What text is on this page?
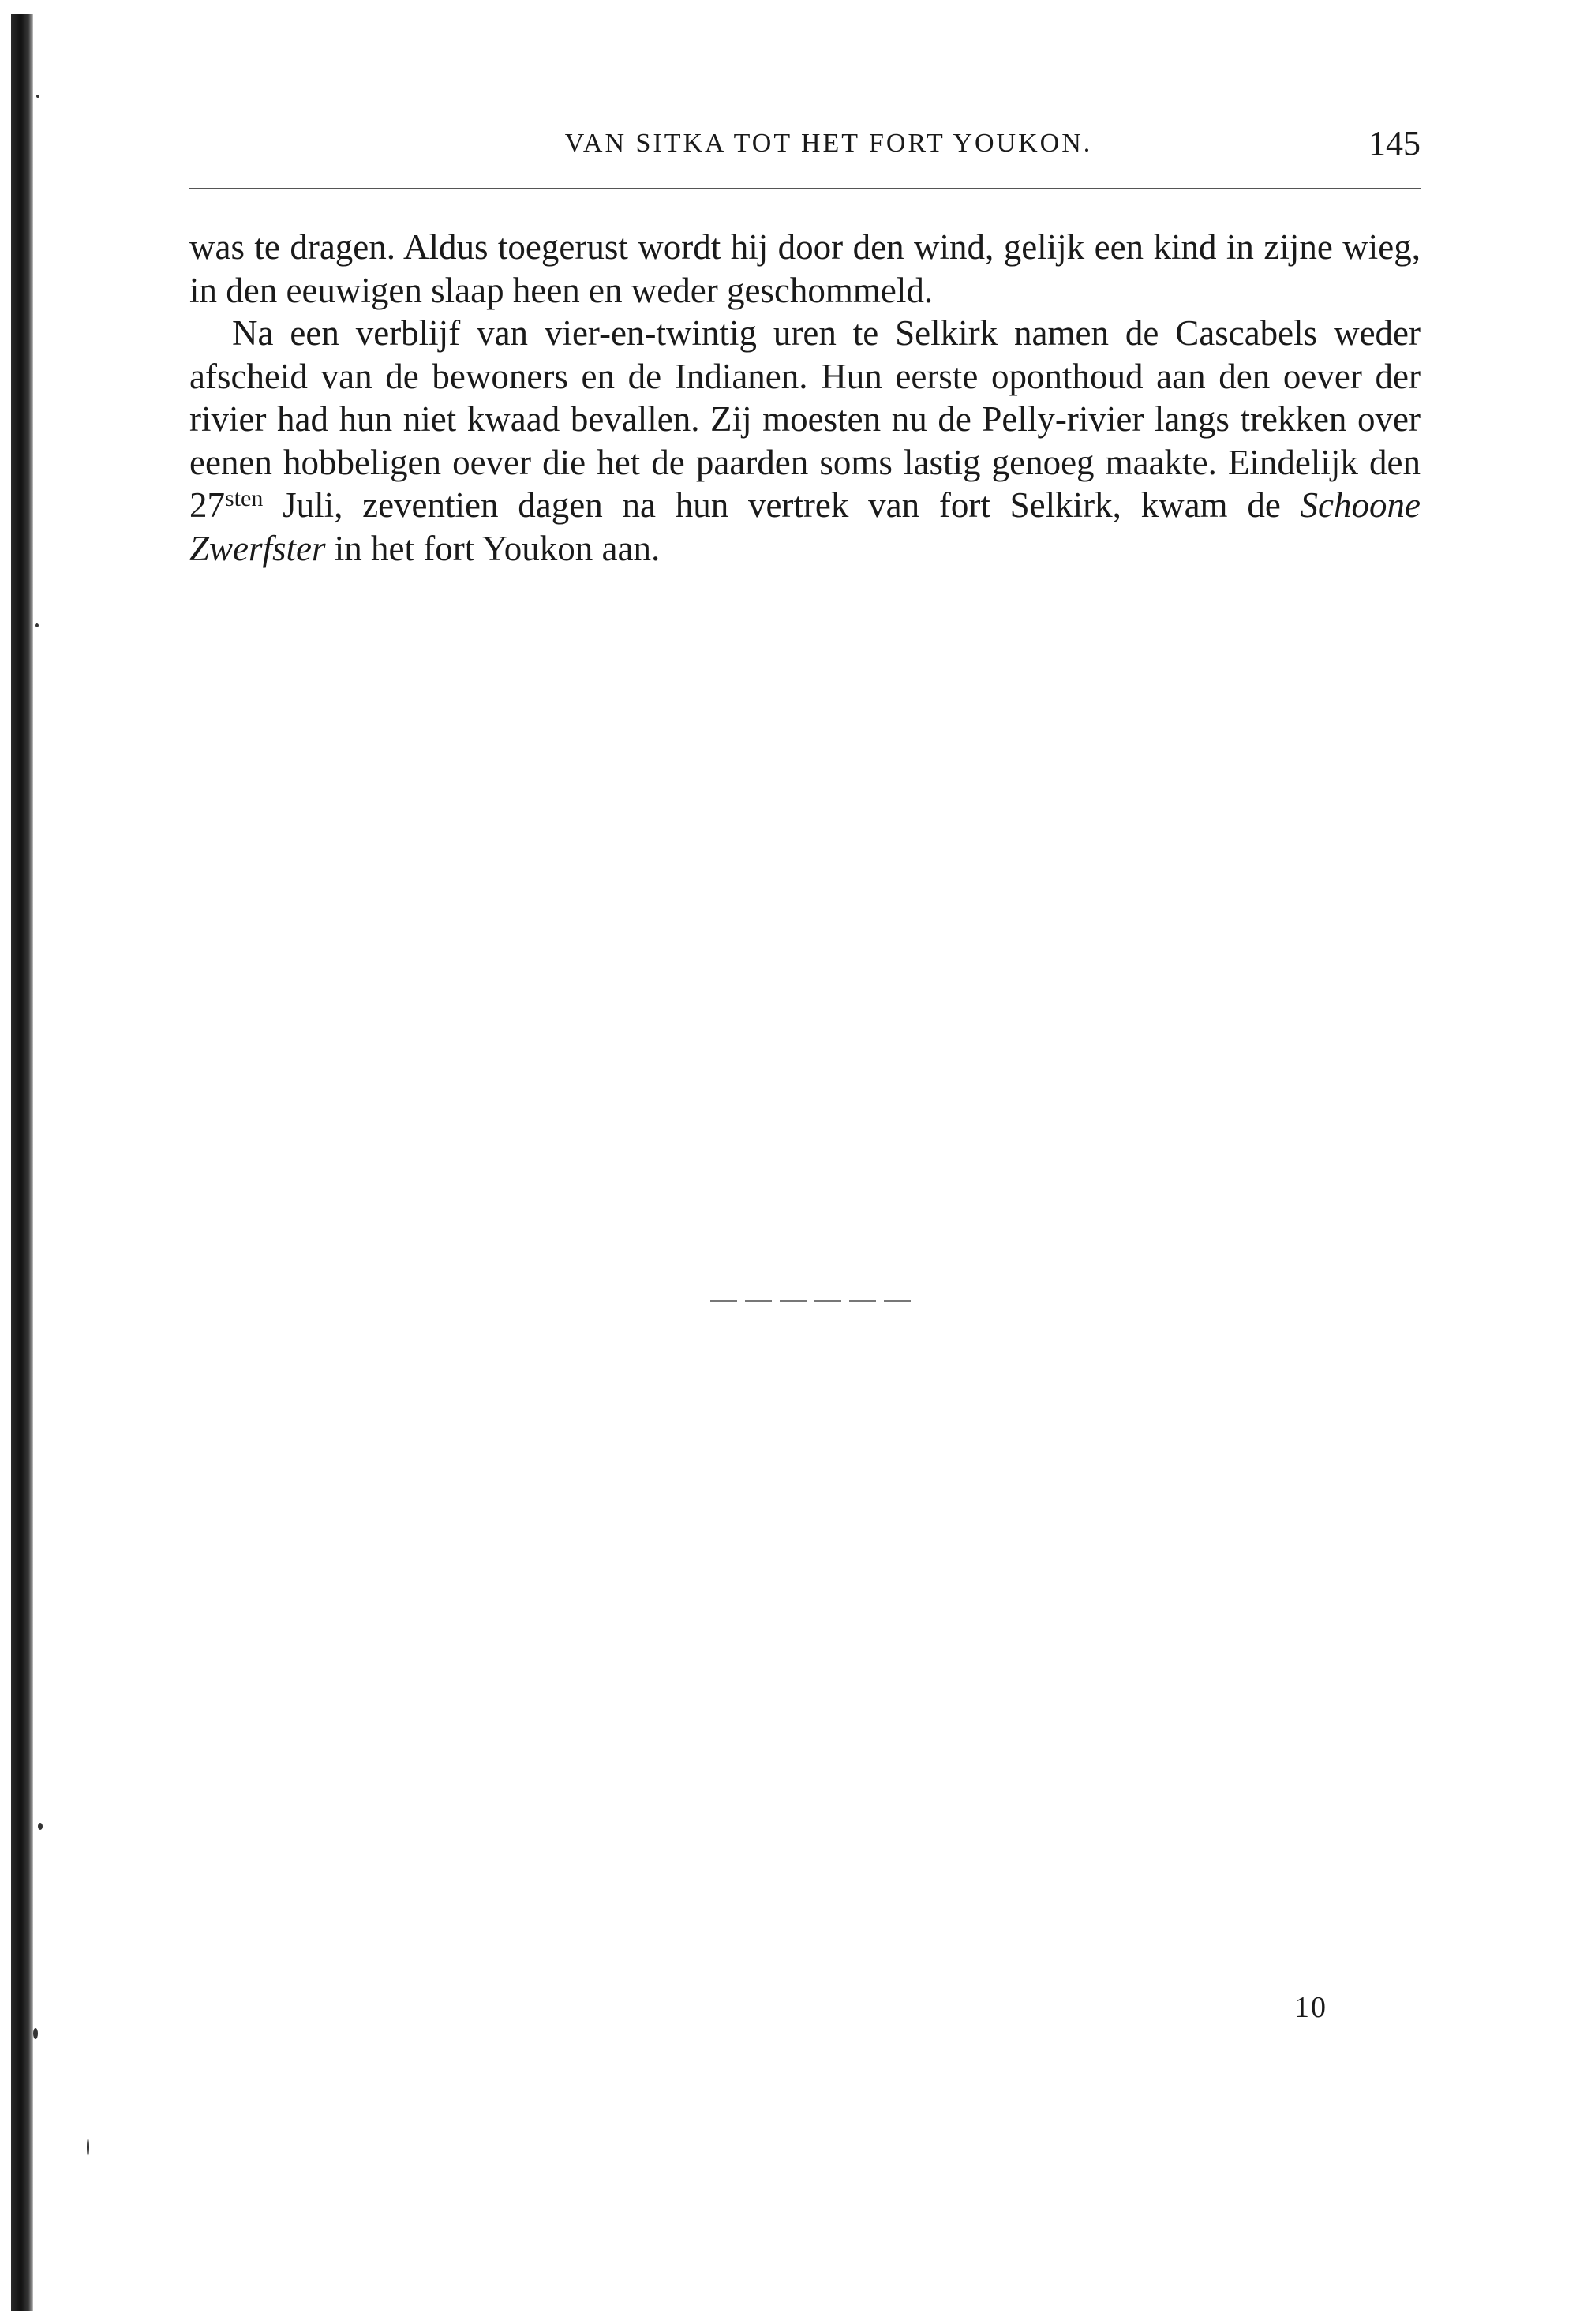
VAN SITKA TOT HET FORT YOUKON.	145

was te dragen. Aldus toegerust wordt hij door den wind, gelijk een kind in zijne wieg, in den eeuwigen slaap heen en weder geschommeld.

Na een verblijf van vier-en-twintig uren te Selkirk namen de Cascabels weder afscheid van de bewoners en de Indianen. Hun eerste oponthoud aan den oever der rivier had hun niet kwaad bevallen. Zij moesten nu de Pelly-rivier langs trekken over eenen hobbeligen oever die het de paarden soms lastig genoeg maakte. Eindelijk den $27^{sten}$ Juli, zeventien dagen na hun vertrek van fort Selkirk, kwam de Schoone Zwerfster in het fort Youkon aan.

10
